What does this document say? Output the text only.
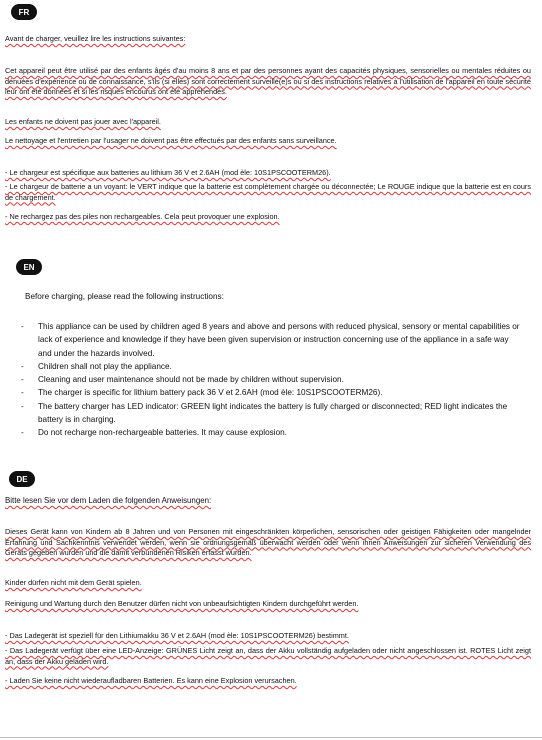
FR
Avant de charger, veuillez lire les instructions suivantes:
Cet appareil peut être utilisé par des enfants âgés d'au moins 8 ans et par des personnes ayant des capacités physiques, sensorielles ou mentales réduites ou dénuées d'expérience ou de connaissance, s'ils (si elles) sont correctement surveillé(e)s ou si des instructions relatives à l'utilisation de l'appareil en toute sécurité leur ont été données et si les risques encourus ont été appréhendés.
Les enfants ne doivent pas jouer avec l'appareil.
Le nettoyage et l'entretien par l'usager ne doivent pas être effectués par des enfants sans surveillance.
- Le chargeur est spécifique aux batteries au lithium 36 V et 2.6AH (mod èle: 10S1PSCOOTERM26).
- Le chargeur de batterie a un voyant: le VERT indique que la batterie est complètement chargée ou déconnectée; Le ROUGE indique que la batterie est en cours de chargement.
- Ne rechargez pas des piles non rechargeables. Cela peut provoquer une explosion.
EN
Before charging, please read the following instructions:
- This appliance can be used by children aged 8 years and above and persons with reduced physical, sensory or mental capabilities or lack of experience and knowledge if they have been given supervision or instruction concerning use of the appliance in a safe way and under the hazards involved.
- Children shall not play the appliance.
- Cleaning and user maintenance should not be made by children without supervision.
- The charger is specific for lithium battery pack 36 V et 2.6AH (mod èle: 10S1PSCOOTERM26).
- The battery charger has LED indicator: GREEN light indicates the battery is fully charged or disconnected; RED light indicates the battery is in charging.
- Do not recharge non-rechargeable batteries. It may cause explosion.
DE
Bitte lesen Sie vor dem Laden die folgenden Anweisungen:
Dieses Gerät kann von Kindern ab 8 Jahren und von Personen mit eingeschränkten körperlichen, sensorischen oder geistigen Fähigkeiten oder mangelnder Erfahrung und Sachkenntnis verwendet werden, wenn sie ordnungsgemäß überwacht werden oder wenn ihnen Anweisungen zur sicheren Verwendung des Geräts gegeben wurden und die damit verbundenen Risiken erfasst wurden.
Kinder dürfen nicht mit dem Gerät spielen.
Reinigung und Wartung durch den Benutzer dürfen nicht von unbeaufsichtigten Kindern durchgeführt werden.
- Das Ladegerät ist speziell für den Lithiumakku 36 V et 2.6AH (mod èle: 10S1PSCOOTERM26) bestimmt.
- Das Ladegerät verfügt über eine LED-Anzeige: GRÜNES Licht zeigt an, dass der Akku vollständig aufgeladen oder nicht angeschlossen ist. ROTES Licht zeigt an, dass der Akku geladen wird.
- Laden Sie keine nicht wiederaufladbaren Batterien. Es kann eine Explosion verursachen.
